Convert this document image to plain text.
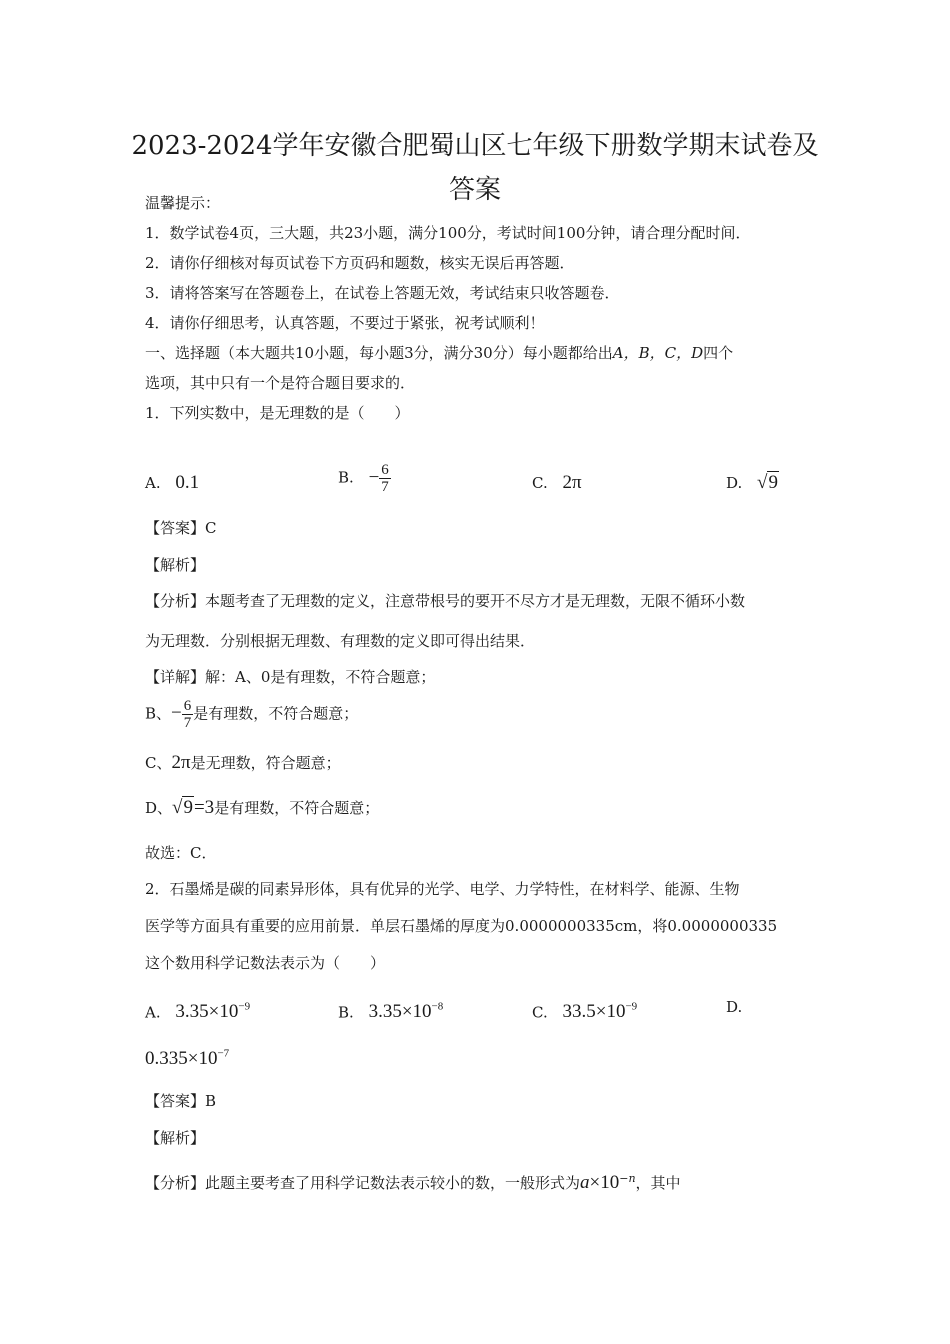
2023-2024学年安徽合肥蜀山区七年级下册数学期末试卷及
答案
温馨提示：
1．数学试卷4页，三大题，共23小题，满分100分，考试时间100分钟，请合理分配时间．
2．请你仔细核对每页试卷下方页码和题数，核实无误后再答题．
3．请将答案写在答题卷上，在试卷上答题无效，考试结束只收答题卷．
4．请你仔细思考，认真答题，不要过于紧张，祝考试顺利！
一、选择题（本大题共10小题，每小题3分，满分30分）每小题都给出A，B，C，D四个
选项，其中只有一个是符合题目要求的．
1．下列实数中，是无理数的是（　　）
A. 0.1	B. − $\frac{6}{7}$	C. 2π	D. √9
【答案】C
【解析】
【分析】本题考查了无理数的定义，注意带根号的要开不尽方才是无理数，无限不循环小数
为无理数．分别根据无理数、有理数的定义即可得出结果．
【详解】解：A、0是有理数，不符合题意；
B、− $\frac{6}{7}$ 是有理数，不符合题意；
C、2π是无理数，符合题意；
D、√9=3是有理数，不符合题意；
故选：C．
2．石墨烯是碳的同素异形体，具有优异的光学、电学、力学特性，在材料学、能源、生物
医学等方面具有重要的应用前景．单层石墨烯的厚度为0.0000000335cm，将0.0000000335
这个数用科学记数法表示为（　　）
A. $3.35\times 10^{-9}$	B. $3.35\times 10^{-8}$	C. $33.5\times 10^{-9}$	D.
$0.335\times 10^{-7}$
【答案】B
【解析】
【分析】此题主要考查了用科学记数法表示较小的数，一般形式为$a\times 10^{-n}$，其中
